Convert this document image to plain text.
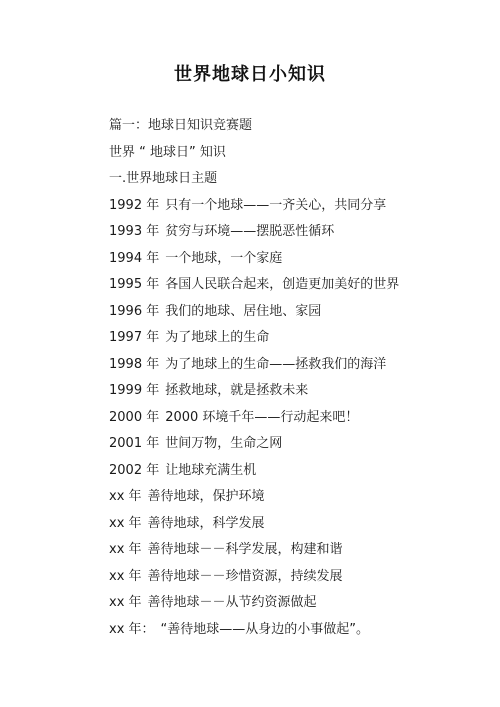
世界地球日小知识
篇一：地球日知识竞赛题
世界 “ 地球日” 知识
一.世界地球日主题
1992 年 只有一个地球——一齐关心，共同分享
1993 年 贫穷与环境——摆脱恶性循环
1994 年 一个地球，一个家庭
1995 年 各国人民联合起来，创造更加美好的世界
1996 年 我们的地球、居住地、家园
1997 年 为了地球上的生命
1998 年 为了地球上的生命——拯救我们的海洋
1999 年 拯救地球，就是拯救未来
2000 年 2000 环境千年——行动起来吧！
2001 年 世间万物，生命之网
2002 年 让地球充满生机
xx 年 善待地球，保护环境
xx 年 善待地球，科学发展
xx 年 善待地球－－科学发展，构建和谐
xx 年 善待地球－－珍惜资源，持续发展
xx 年 善待地球－－从节约资源做起
xx 年： “善待地球——从身边的小事做起”。
